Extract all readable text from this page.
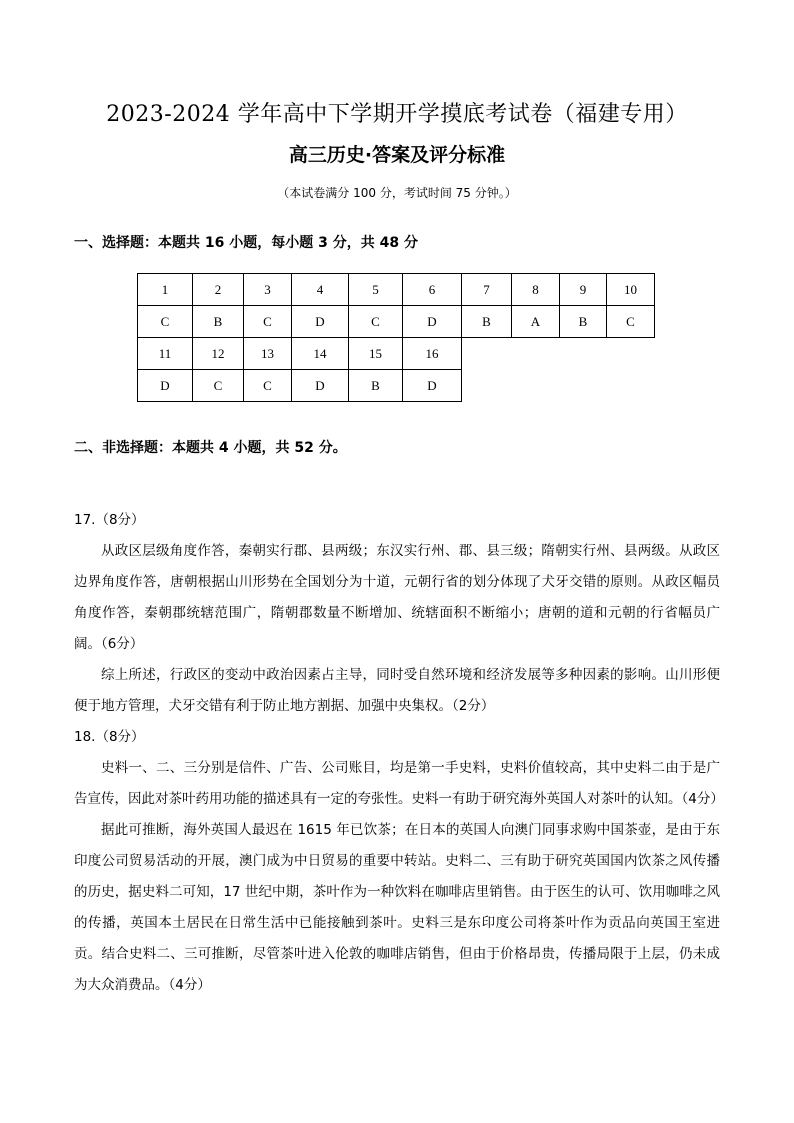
2023-2024 学年高中下学期开学摸底考试卷（福建专用）
高三历史·答案及评分标准
（本试卷满分 100 分，考试时间 75 分钟。）
一、选择题：本题共 16 小题，每小题 3 分，共 48 分
1	2	3	4	5	6	7	8	9	10
C	B	C	D	C	D	B	A	B	C
11	12	13	14	15	16				
D	C	C	D	B	D				
二、非选择题：本题共 4 小题，共 52 分。

17.（8分）

从政区层级角度作答，秦朝实行郡、县两级；东汉实行州、郡、县三级；隋朝实行州、县两级。从政区边界角度作答，唐朝根据山川形势在全国划分为十道，元朝行省的划分体现了犬牙交错的原则。从政区幅员角度作答，秦朝郡统辖范围广，隋朝郡数量不断增加、统辖面积不断缩小；唐朝的道和元朝的行省幅员广阔。（6分）

综上所述，行政区的变动中政治因素占主导，同时受自然环境和经济发展等多种因素的影响。山川形便便于地方管理，犬牙交错有利于防止地方割据、加强中央集权。（2分）

18.（8分）

史料一、二、三分别是信件、广告、公司账目，均是第一手史料，史料价值较高，其中史料二由于是广告宣传，因此对茶叶药用功能的描述具有一定的夸张性。史料一有助于研究海外英国人对茶叶的认知。（4分）

据此可推断，海外英国人最迟在 1615 年已饮茶；在日本的英国人向澳门同事求购中国茶壶，是由于东印度公司贸易活动的开展，澳门成为中日贸易的重要中转站。史料二、三有助于研究英国国内饮茶之风传播的历史，据史料二可知，17 世纪中期，茶叶作为一种饮料在咖啡店里销售。由于医生的认可、饮用咖啡之风的传播，英国本土居民在日常生活中已能接触到茶叶。史料三是东印度公司将茶叶作为贡品向英国王室进贡。结合史料二、三可推断，尽管茶叶进入伦敦的咖啡店销售，但由于价格昂贵，传播局限于上层，仍未成为大众消费品。（4分）
